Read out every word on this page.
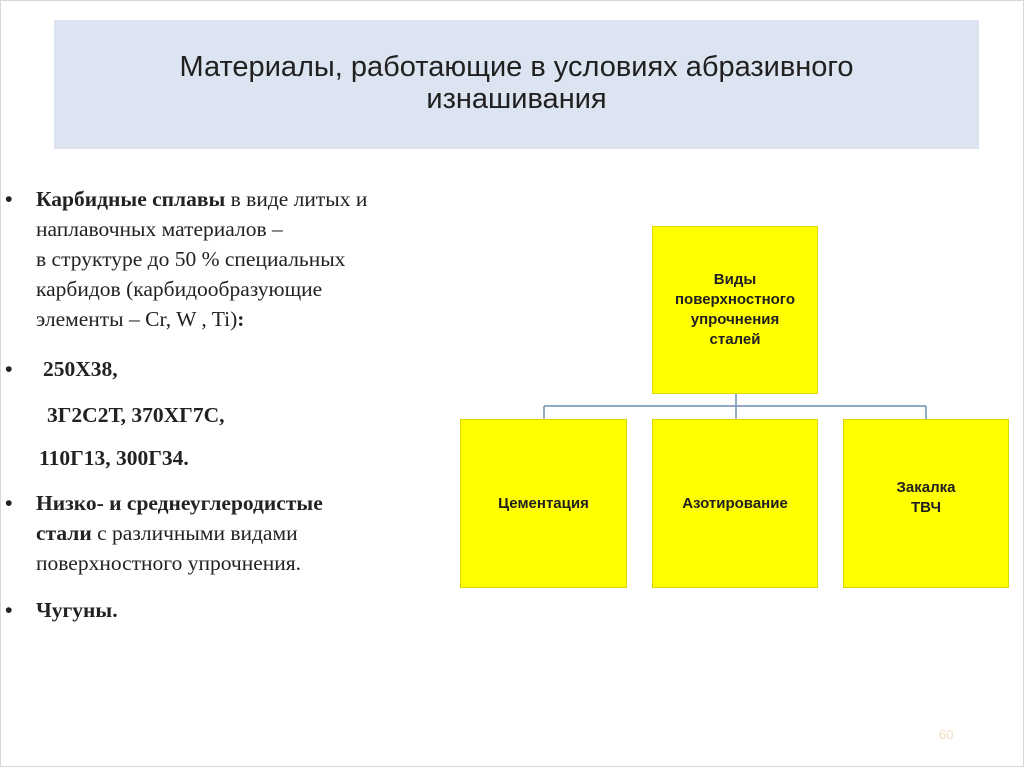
Материалы, работающие в условиях абразивного
изнашивания
•	Карбидные сплавы в виде литых и
наплавочных материалов –
в структуре до 50 % специальных
карбидов (карбидообразующие
элементы – Cr, W , Ti):
•	250Х38,
3Г2С2Т, 370ХГ7С,
110Г13, 300Г34.
•	Низко- и среднеуглеродистые
стали с различными видами
поверхностного упрочнения.
•	Чугуны.
Виды
поверхностного
упрочнения
сталей
Цементация	Азотирование
Закалка
ТВЧ
60
